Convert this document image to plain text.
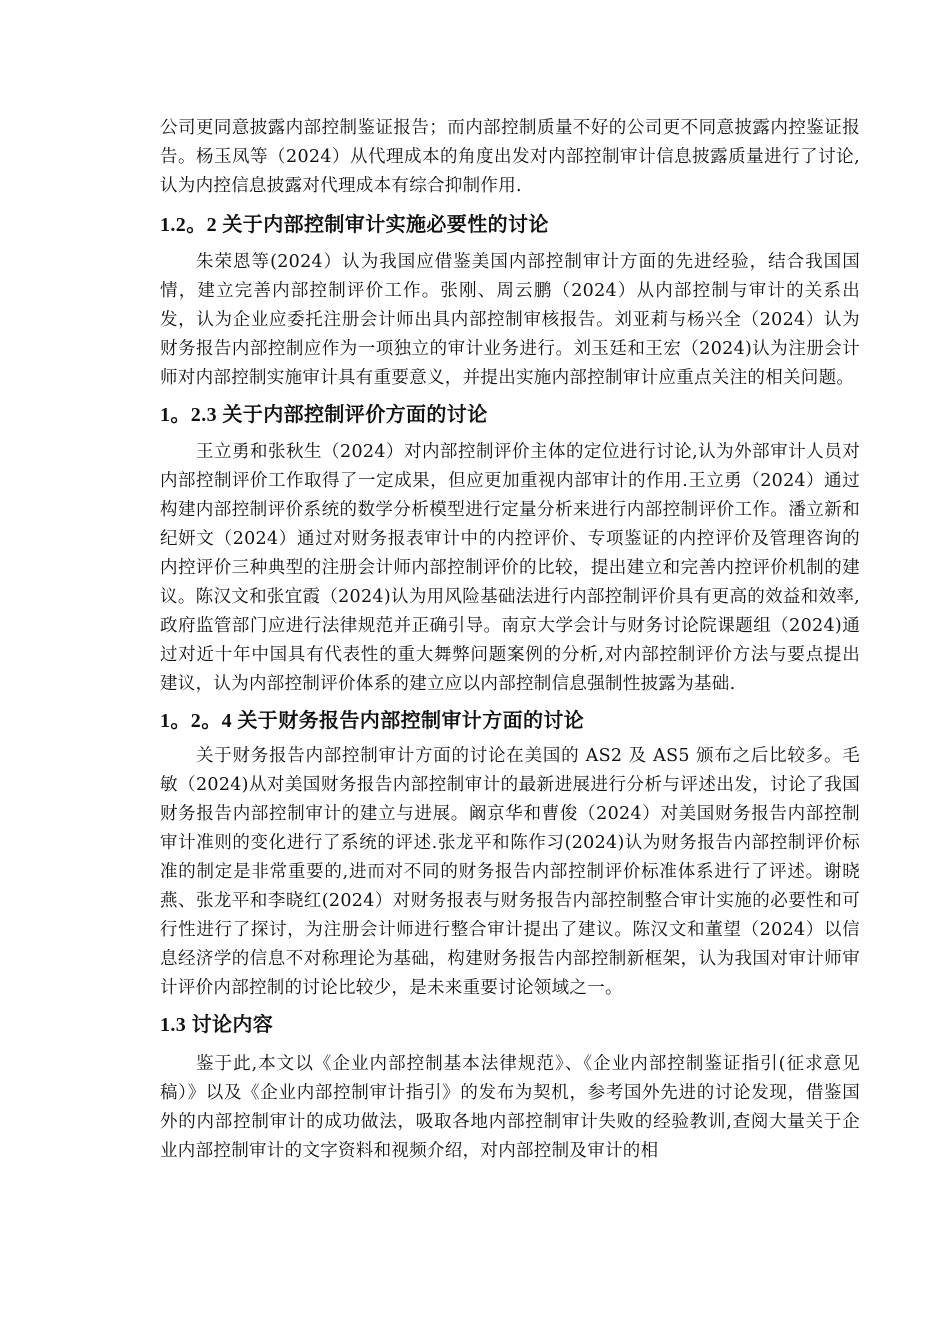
公司更同意披露内部控制鉴证报告；而内部控制质量不好的公司更不同意披露内控鉴证报告。杨玉凤等（2024）从代理成本的角度出发对内部控制审计信息披露质量进行了讨论,认为内控信息披露对代理成本有综合抑制作用.

1.2。2 关于内部控制审计实施必要性的讨论

朱荣恩等(2024）认为我国应借鉴美国内部控制审计方面的先进经验，结合我国国情，建立完善内部控制评价工作。张刚、周云鹏（2024）从内部控制与审计的关系出发，认为企业应委托注册会计师出具内部控制审核报告。刘亚莉与杨兴全（2024）认为财务报告内部控制应作为一项独立的审计业务进行。刘玉廷和王宏（2024)认为注册会计师对内部控制实施审计具有重要意义，并提出实施内部控制审计应重点关注的相关问题。

1。2.3 关于内部控制评价方面的讨论

王立勇和张秋生（2024）对内部控制评价主体的定位进行讨论,认为外部审计人员对内部控制评价工作取得了一定成果，但应更加重视内部审计的作用.王立勇（2024）通过构建内部控制评价系统的数学分析模型进行定量分析来进行内部控制评价工作。潘立新和纪妍文（2024）通过对财务报表审计中的内控评价、专项鉴证的内控评价及管理咨询的内控评价三种典型的注册会计师内部控制评价的比较，提出建立和完善内控评价机制的建议。陈汉文和张宜霞（2024)认为用风险基础法进行内部控制评价具有更高的效益和效率,政府监管部门应进行法律规范并正确引导。南京大学会计与财务讨论院课题组（2024)通过对近十年中国具有代表性的重大舞弊问题案例的分析,对内部控制评价方法与要点提出建议，认为内部控制评价体系的建立应以内部控制信息强制性披露为基础.

1。2。4 关于财务报告内部控制审计方面的讨论

关于财务报告内部控制审计方面的讨论在美国的 AS2 及 AS5 颁布之后比较多。毛敏（2024)从对美国财务报告内部控制审计的最新进展进行分析与评述出发，讨论了我国财务报告内部控制审计的建立与进展。阚京华和曹俊（2024）对美国财务报告内部控制审计准则的变化进行了系统的评述.张龙平和陈作习(2024)认为财务报告内部控制评价标准的制定是非常重要的,进而对不同的财务报告内部控制评价标准体系进行了评述。谢晓燕、张龙平和李晓红(2024）对财务报表与财务报告内部控制整合审计实施的必要性和可行性进行了探讨，为注册会计师进行整合审计提出了建议。陈汉文和董望（2024）以信息经济学的信息不对称理论为基础，构建财务报告内部控制新框架，认为我国对审计师审计评价内部控制的讨论比较少，是未来重要讨论领域之一。

1.3 讨论内容

鉴于此,本文以《企业内部控制基本法律规范》、《企业内部控制鉴证指引(征求意见稿）》以及《企业内部控制审计指引》的发布为契机，参考国外先进的讨论发现，借鉴国外的内部控制审计的成功做法，吸取各地内部控制审计失败的经验教训,查阅大量关于企业内部控制审计的文字资料和视频介绍，对内部控制及审计的相
